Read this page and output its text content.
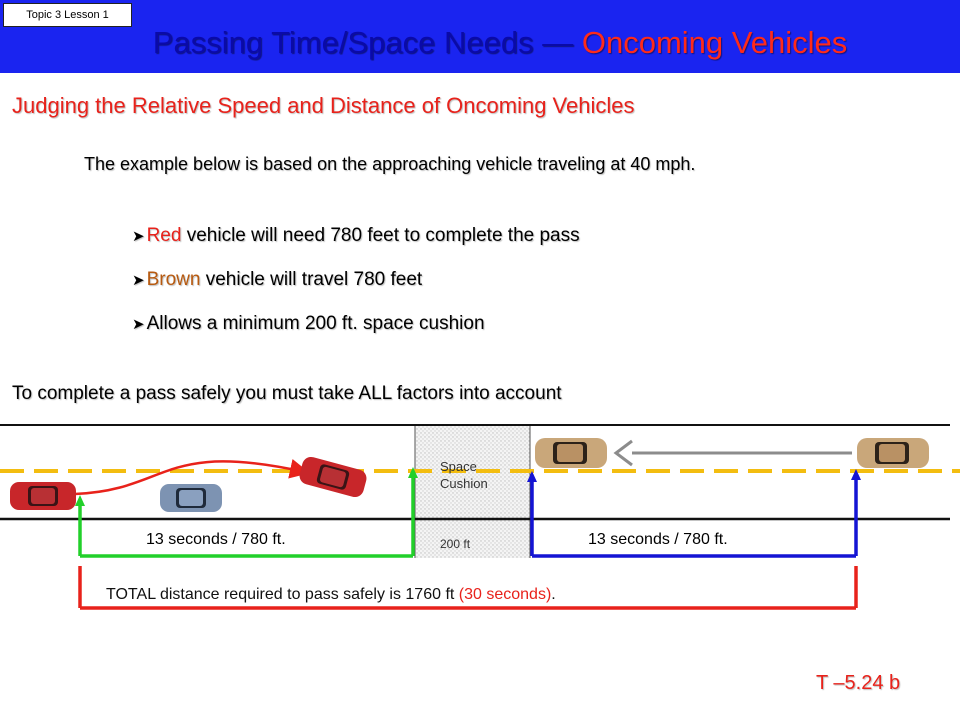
Topic 3 Lesson 1
Passing Time/Space Needs — Oncoming Vehicles
Judging the Relative Speed and Distance of Oncoming Vehicles

The example below is based on the approaching vehicle traveling at 40 mph.

➤ Red vehicle will need 780 feet to complete the pass
➤ Brown vehicle will travel 780 feet
➤ Allows a minimum 200 ft. space cushion

To complete a pass safely you must take ALL factors into account

Space Cushion
200 ft
13 seconds / 780 ft.	13 seconds / 780 ft.
TOTAL distance required to pass safely is 1760 ft (30 seconds).
T –5.24 b
